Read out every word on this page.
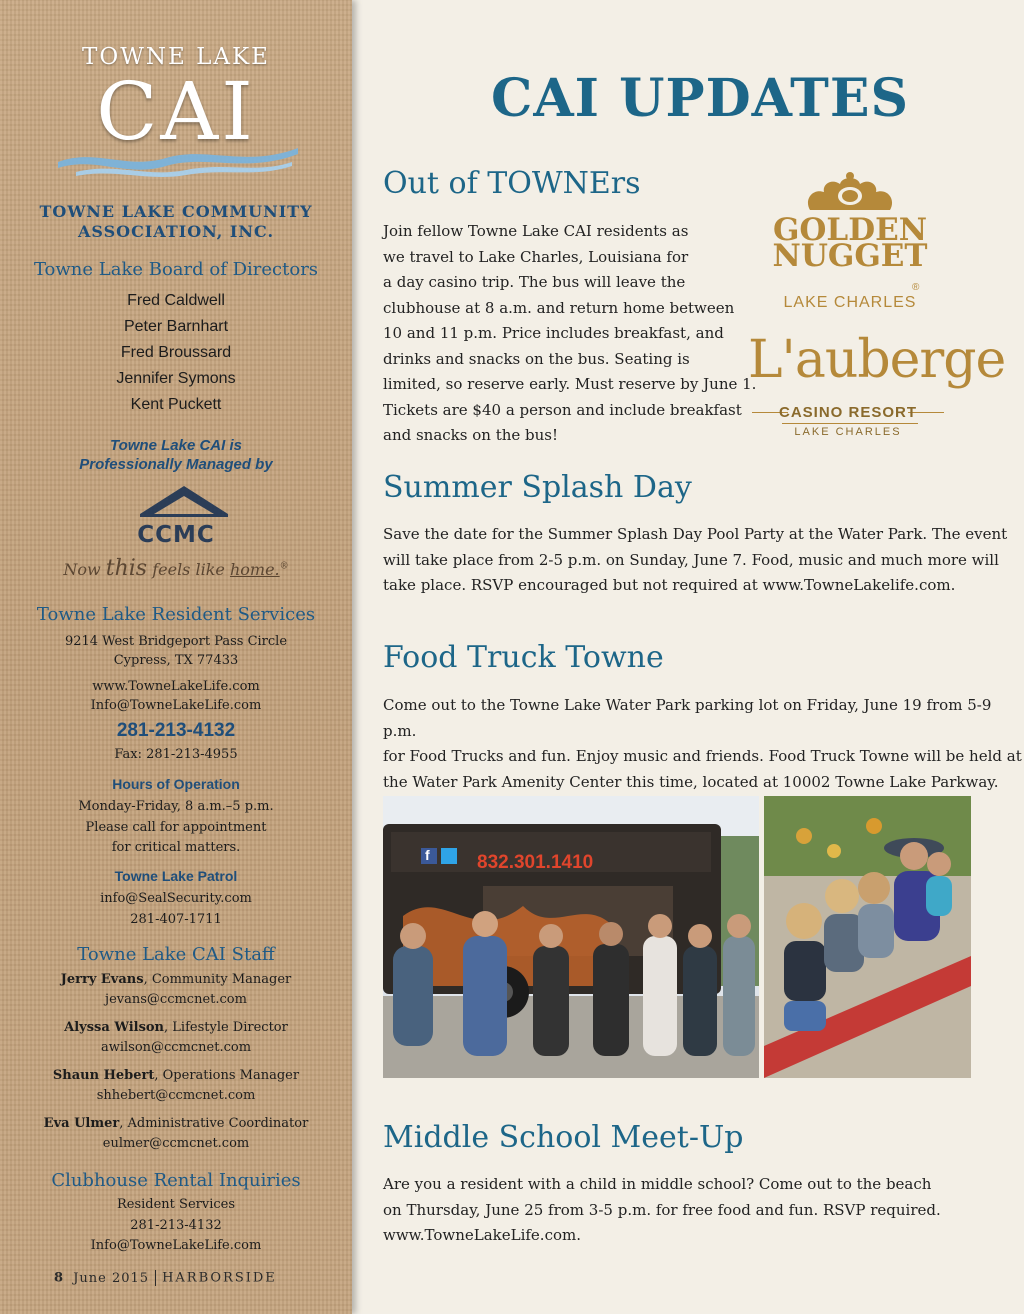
TOWNE LAKE
CAI
TOWNE LAKE COMMUNITY
ASSOCIATION, INC.
Towne Lake Board of Directors
Fred Caldwell
Peter Barnhart
Fred Broussard
Jennifer Symons
Kent Puckett
Towne Lake CAI is
Professionally Managed by
CCMC
Now this feels like home.®
Towne Lake Resident Services
9214 West Bridgeport Pass Circle
Cypress, TX 77433
www.TowneLakeLife.com
Info@TowneLakeLife.com
281-213-4132
Fax: 281-213-4955
Hours of Operation
Monday-Friday, 8 a.m.–5 p.m.
Please call for appointment
for critical matters.
Towne Lake Patrol
info@SealSecurity.com
281-407-1711
Towne Lake CAI Staff
Jerry Evans, Community Manager
jevans@ccmcnet.com
Alyssa Wilson, Lifestyle Director
awilson@ccmcnet.com
Shaun Hebert, Operations Manager
shhebert@ccmcnet.com
Eva Ulmer, Administrative Coordinator
eulmer@ccmcnet.com
Clubhouse Rental Inquiries
Resident Services
281-213-4132
Info@TowneLakeLife.com
8 June 2015 HARBORSIDE
CAI UPDATES
Out of TOWNErs
Join fellow Towne Lake CAI residents as
we travel to Lake Charles, Louisiana for
a day casino trip. The bus will leave the
clubhouse at 8 a.m. and return home between
10 and 11 p.m. Price includes breakfast, and
drinks and snacks on the bus. Seating is
limited, so reserve early. Must reserve by June 1.
Tickets are $40 a person and include breakfast
and snacks on the bus!
GOLDEN
NUGGET
®
LAKE CHARLES
L'auberge
CASINO RESORT
LAKE CHARLES
Summer Splash Day
Save the date for the Summer Splash Day Pool Party at the Water Park. The event
will take place from 2-5 p.m. on Sunday, June 7. Food, music and much more will
take place. RSVP encouraged but not required at www.TowneLakelife.com.
Food Truck Towne
Come out to the Towne Lake Water Park parking lot on Friday, June 19 from 5-9 p.m.
for Food Trucks and fun. Enjoy music and friends. Food Truck Towne will be held at
the Water Park Amenity Center this time, located at 10002 Towne Lake Parkway.
f 832.301.1410
Middle School Meet-Up
Are you a resident with a child in middle school? Come out to the beach
on Thursday, June 25 from 3-5 p.m. for free food and fun. RSVP required.
www.TowneLakeLife.com.
